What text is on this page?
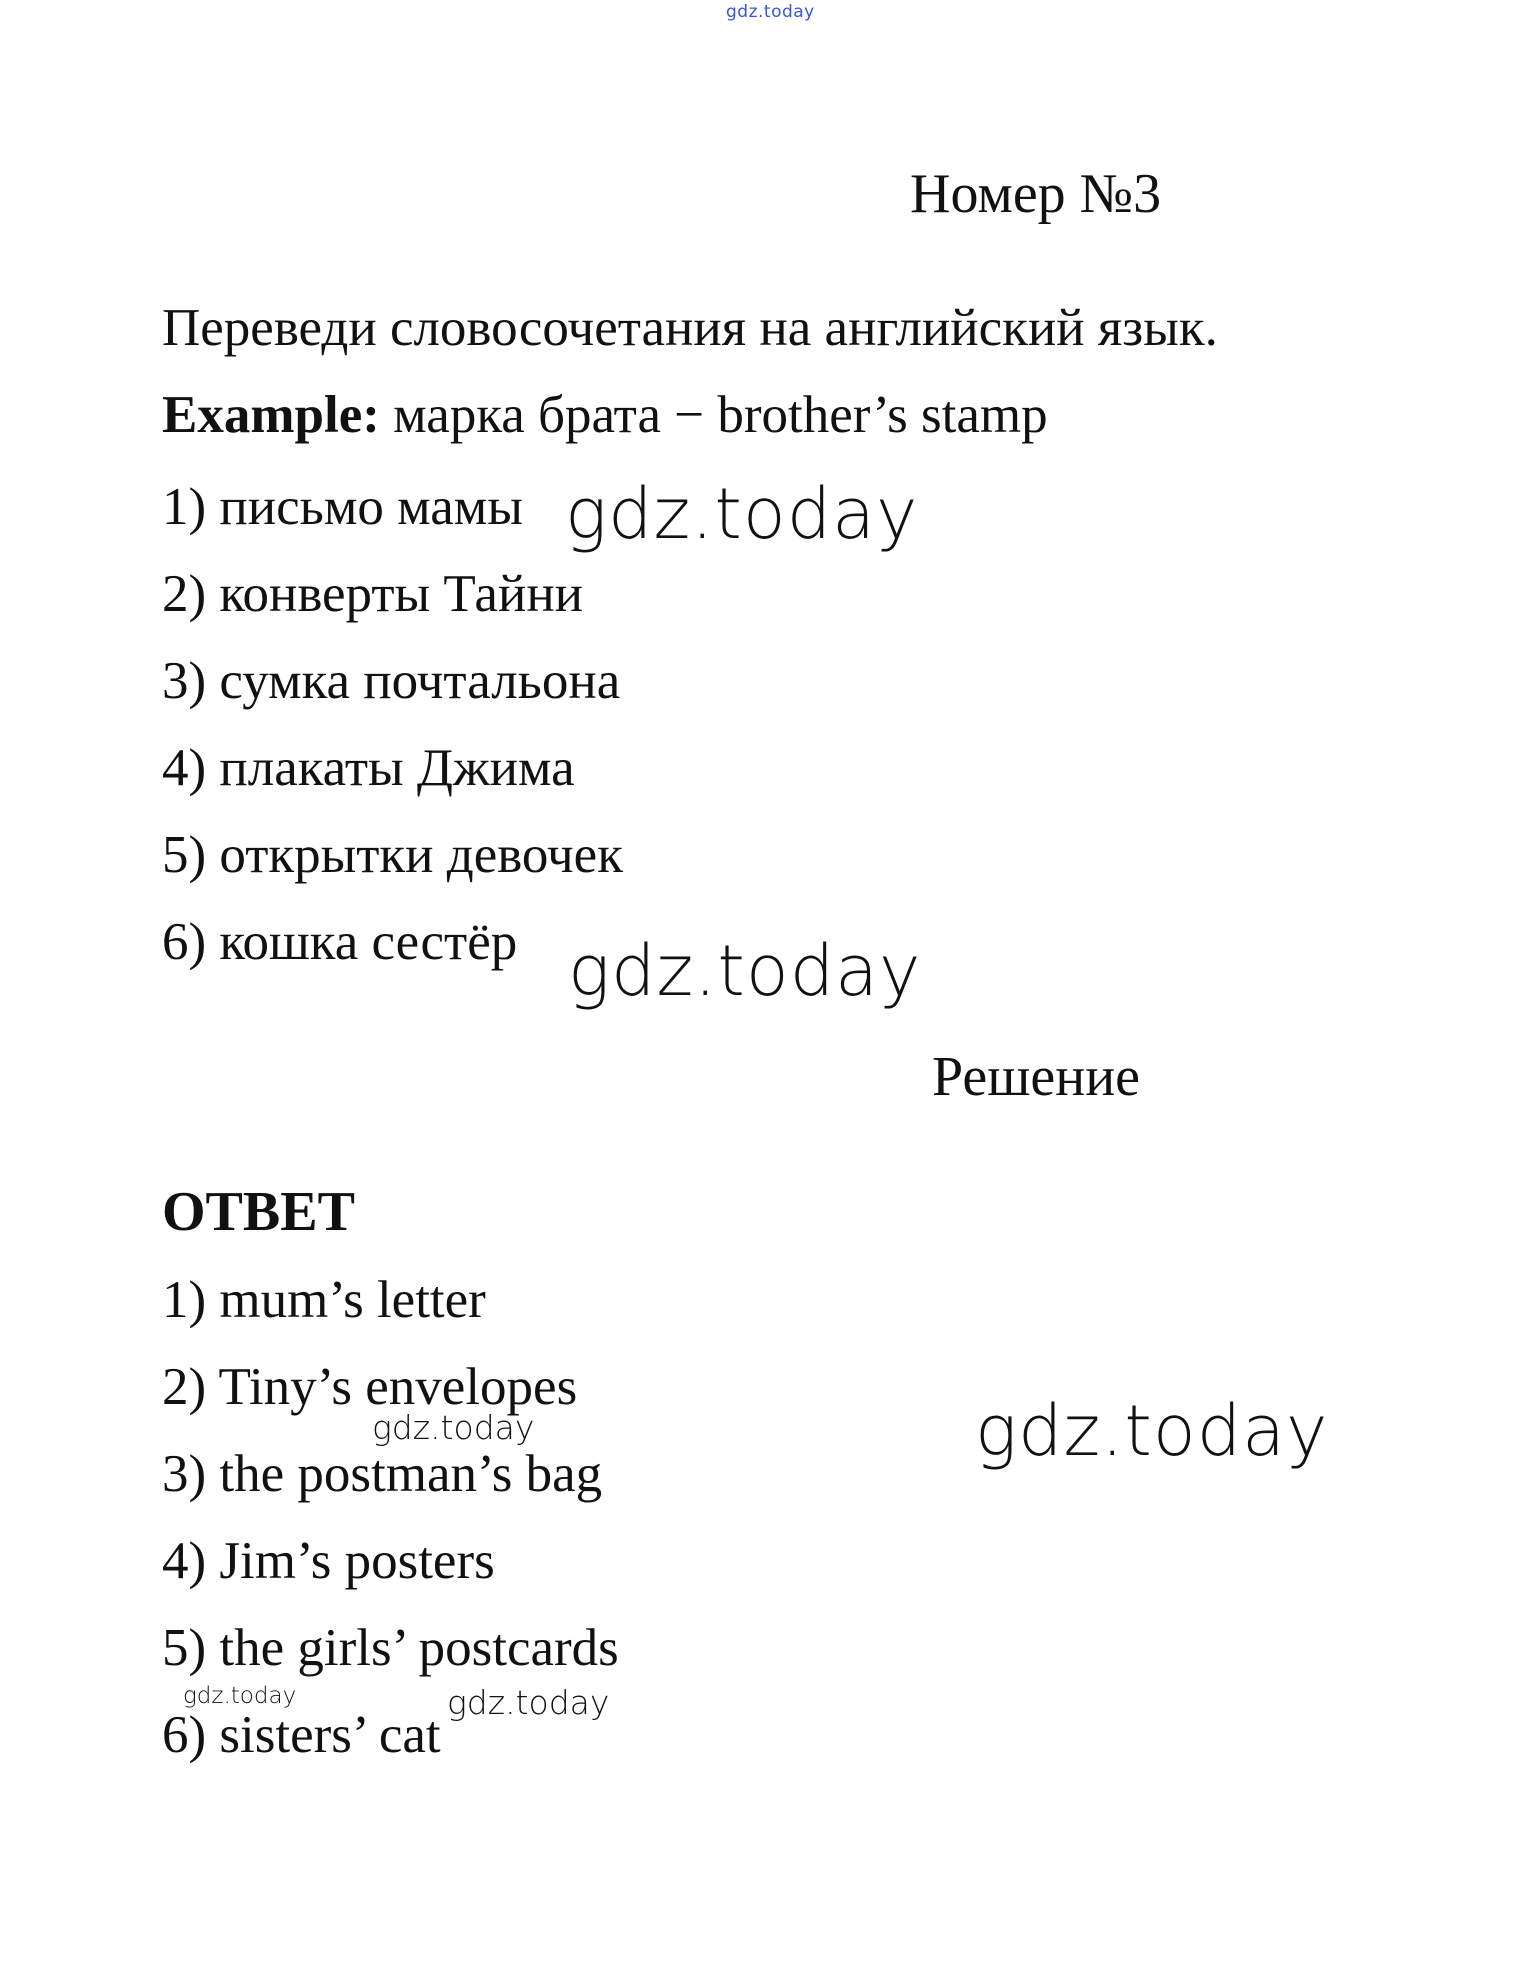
gdz.today
Номер №3
Переведи словосочетания на английский язык.
Example: марка брата − brother’s stamp
1) письмо мамы
2) конверты Тайни
3) сумка почтальона
4) плакаты Джима
5) открытки девочек
6) кошка сестёр
Решение
ОТВЕТ
1) mum’s letter
2) Tiny’s envelopes
3) the postman’s bag
4) Jim’s posters
5) the girls’ postcards
6) sisters’ cat
gdz.today
gdz.today
gdz.today
gdz.today
gdz.today	gdz.today
